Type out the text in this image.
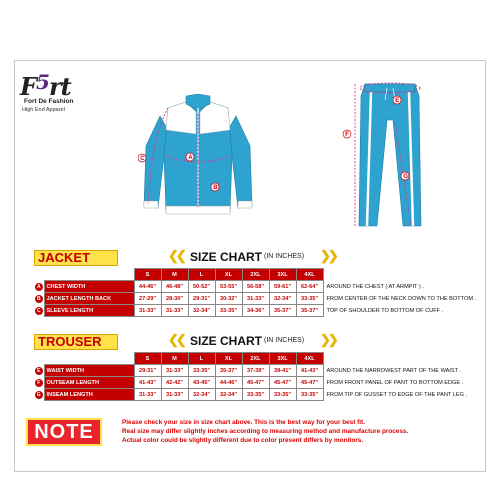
$F^5rt$
Fort De Fashion
High End Apparel
A
B
C
E
F
G
JACKET	❮❮ SIZE CHART (IN INCHES) ❯❯
		S	M	L	XL	2XL	3XL	4XL	
A	CHEST WIDTH	44-46"	46-48"	50-52"	53-55"	56-58"	59-61"	62-64"	AROUND THE CHEST ( AT ARMPIT ) .
B	JACKET LENGTH BACK	27-29"	28-30"	29-31"	30-32"	31-33"	32-34"	33-35"	FROM CENTER OF THE NECK DOWN TO THE BOTTOM .
C	SLEEVE LENGTH	31-33"	31-33"	32-34"	33-35"	34-36"	35-37"	35-37"	TOP OF SHOULDER TO BOTTOM OF CUFF .
TROUSER	❮❮ SIZE CHART (IN INCHES) ❯❯
		S	M	L	XL	2XL	3XL	4XL	
E	WAIST WIDTH	29-31"	31-33"	33-35"	35-37"	37-39"	39-41"	41-43"	AROUND THE NARROWEST PART OF THE WAIST .
F	OUTSEAM LENGTH	41-43"	42-42"	43-45"	44-46"	45-47"	45-47"	45-47"	FROM FRONT PANEL OF PANT TO BOTTOM EDGE .
G	INSEAM LENGTH	31-33"	31-33"	32-34"	32-34"	33-35"	33-35"	33-35"	FROM TIP OF GUSSET TO EDGE OF THE PANT LEG .
NOTE	Please check your size in size chart above. This is the best way for your best fit.
Real size may differ slightly inches according to measuring method and manufacture process.
Actual color could be slightly different due to color present differs by monitors.
